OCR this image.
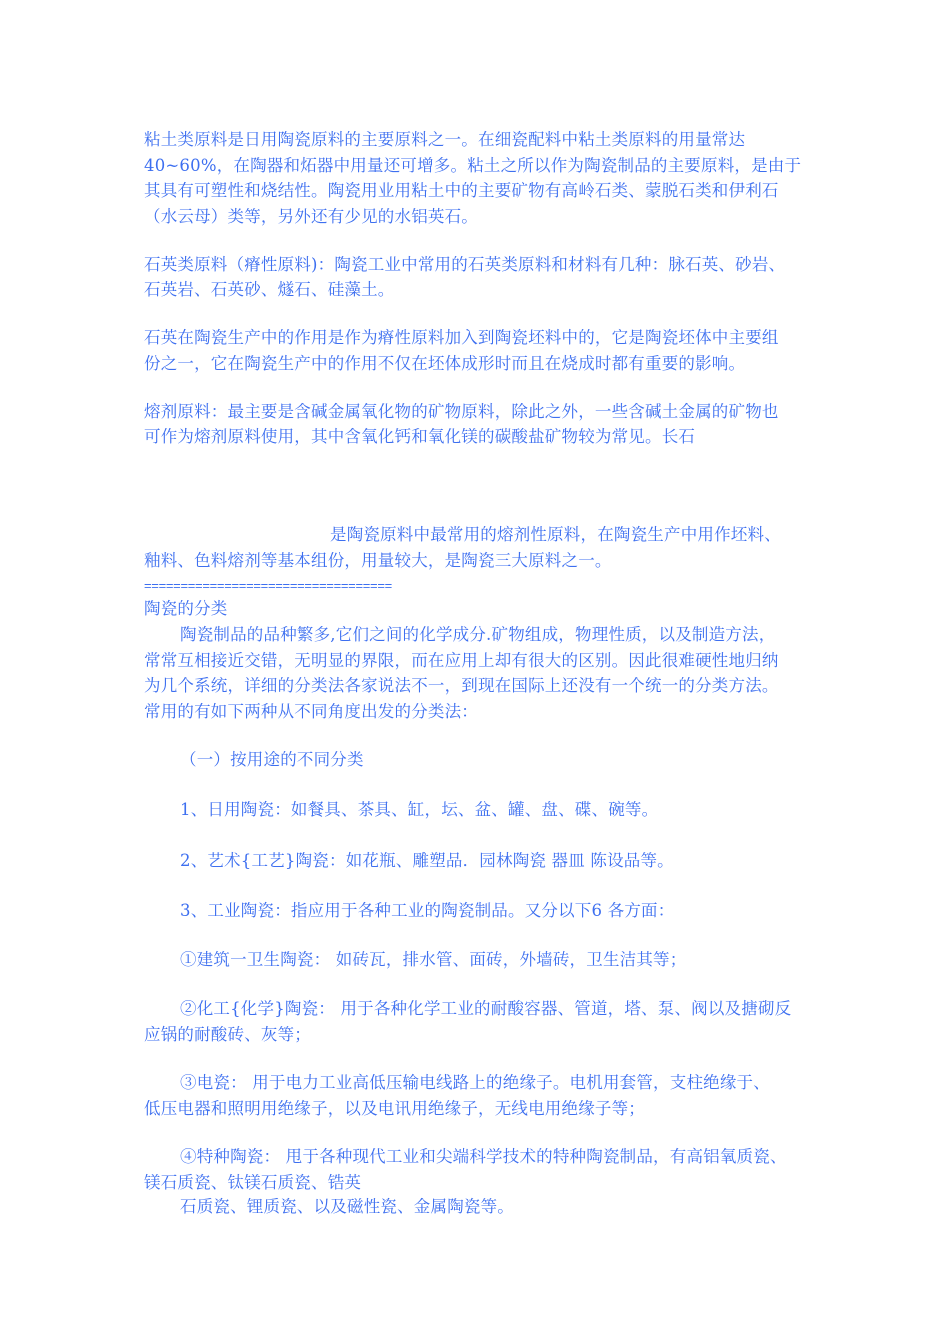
粘土类原料是日用陶瓷原料的主要原料之一。在细瓷配料中粘土类原料的用量常达
40~60%，在陶器和炻器中用量还可增多。粘土之所以作为陶瓷制品的主要原料，是由于
其具有可塑性和烧结性。陶瓷用业用粘土中的主要矿物有高岭石类、蒙脱石类和伊利石
（水云母）类等，另外还有少见的水铝英石。
石英类原料（瘠性原料)：陶瓷工业中常用的石英类原料和材料有几种：脉石英、砂岩、
石英岩、石英砂、燧石、硅藻土。
石英在陶瓷生产中的作用是作为瘠性原料加入到陶瓷坯料中的，它是陶瓷坯体中主要组
份之一，它在陶瓷生产中的作用不仅在坯体成形时而且在烧成时都有重要的影响。
熔剂原料：最主要是含碱金属氧化物的矿物原料，除此之外，一些含碱土金属的矿物也
可作为熔剂原料使用，其中含氧化钙和氧化镁的碳酸盐矿物较为常见。长石
是陶瓷原料中最常用的熔剂性原料，在陶瓷生产中用作坯料、
釉料、色料熔剂等基本组份，用量较大，是陶瓷三大原料之一。
==================================
陶瓷的分类
陶瓷制品的品种繁多,它们之间的化学成分.矿物组成，物理性质，以及制造方法，
常常互相接近交错，无明显的界限，而在应用上却有很大的区别。因此很难硬性地归纳
为几个系统，详细的分类法各家说法不一，到现在国际上还没有一个统一的分类方法。
常用的有如下两种从不同角度出发的分类法：
（一）按用途的不同分类
1、日用陶瓷：如餐具、茶具、缸，坛、盆、罐、盘、碟、碗等。
2、艺术{工艺}陶瓷：如花瓶、雕塑品．园林陶瓷 器皿 陈设品等。
3、工业陶瓷：指应用于各种工业的陶瓷制品。又分以下6 各方面：
①建筑一卫生陶瓷： 如砖瓦，排水管、面砖，外墙砖，卫生洁其等；
②化工{化学}陶瓷： 用于各种化学工业的耐酸容器、管道，塔、泵、阀以及搪砌反
应锅的耐酸砖、灰等；
③电瓷： 用于电力工业高低压输电线路上的绝缘子。电机用套管，支柱绝缘于、
低压电器和照明用绝缘子，以及电讯用绝缘子，无线电用绝缘子等；
④特种陶瓷： 甩于各种现代工业和尖端科学技术的特种陶瓷制品，有高铝氧质瓷、
镁石质瓷、钛镁石质瓷、锆英
石质瓷、锂质瓷、以及磁性瓷、金属陶瓷等。
